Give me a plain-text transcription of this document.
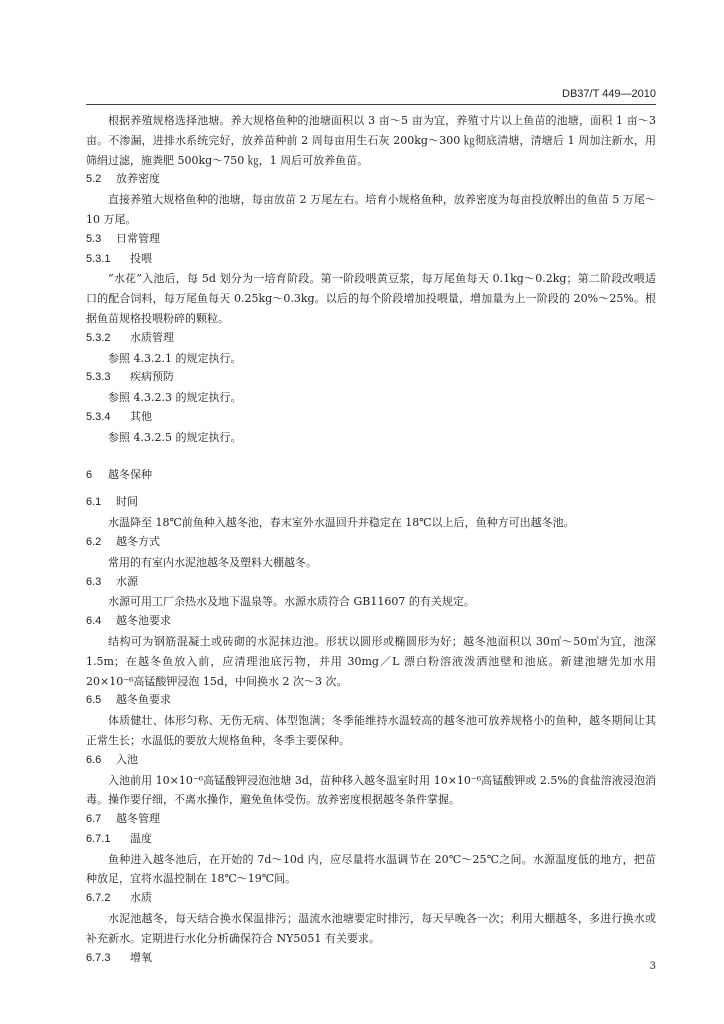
DB37/T 449—2010

根据养殖规格选择池塘。养大规格鱼种的池塘面积以 3 亩～5 亩为宜，养殖寸片以上鱼苗的池塘，面积 1 亩～3 亩。不渗漏，进排水系统完好，放养苗种前 2 周每亩用生石灰 200kg～300 ㎏彻底清塘，清塘后 1 周加注新水，用筛绢过滤，施粪肥 500kg～750 ㎏，1 周后可放养鱼苗。

5.2 放养密度

直接养殖大规格鱼种的池塘，每亩放苗 2 万尾左右。培育小规格鱼种，放养密度为每亩投放孵出的鱼苗 5 万尾～10 万尾。

5.3 日常管理
5.3.1 投喂

“水花”入池后，每 5d 划分为一培育阶段。第一阶段喂黄豆浆，每万尾鱼每天 0.1kg～0.2kg；第二阶段改喂适口的配合饲料，每万尾鱼每天 0.25kg～0.3kg。以后的每个阶段增加投喂量，增加量为上一阶段的 20%～25%。根据鱼苗规格投喂粉碎的颗粒。

5.3.2 水质管理

参照 4.3.2.1 的规定执行。

5.3.3 疾病预防

参照 4.3.2.3 的规定执行。

5.3.4 其他

参照 4.3.2.5 的规定执行。

6 越冬保种
6.1 时间

水温降至 18℃前鱼种入越冬池，春末室外水温回升并稳定在 18℃以上后，鱼种方可出越冬池。

6.2 越冬方式

常用的有室内水泥池越冬及塑料大棚越冬。

6.3 水源

水源可用工厂余热水及地下温泉等。水源水质符合 GB11607 的有关规定。

6.4 越冬池要求

结构可为钢筋混凝土或砖砌的水泥抹边池。形状以圆形或椭圆形为好；越冬池面积以 30㎡～50㎡为宜，池深 1.5m；在越冬鱼放入前，应清理池底污物，并用 30mg／L 漂白粉溶液泼洒池壁和池底。新建池塘先加水用 20×10⁻⁶高锰酸钾浸泡 15d，中间换水 2 次～3 次。

6.5 越冬鱼要求

体质健壮、体形匀称、无伤无病、体型饱满；冬季能维持水温较高的越冬池可放养规格小的鱼种，越冬期间让其正常生长；水温低的要放大规格鱼种，冬季主要保种。

6.6 入池

入池前用 10×10⁻⁶高锰酸钾浸泡池塘 3d，苗种移入越冬温室时用 10×10⁻⁶高锰酸钾或 2.5%的食盐溶液浸泡消毒。操作要仔细，不离水操作，避免鱼体受伤。放养密度根据越冬条件掌握。

6.7 越冬管理
6.7.1 温度

鱼种进入越冬池后，在开始的 7d～10d 内，应尽量将水温调节在 20℃～25℃之间。水源温度低的地方，把苗种放足，宜将水温控制在 18℃～19℃间。

6.7.2 水质

水泥池越冬，每天结合换水保温排污；温流水池塘要定时排污，每天早晚各一次；利用大棚越冬，多进行换水或补充新水。定期进行水化分析确保符合 NY5051 有关要求。

6.7.3 增氧
3
